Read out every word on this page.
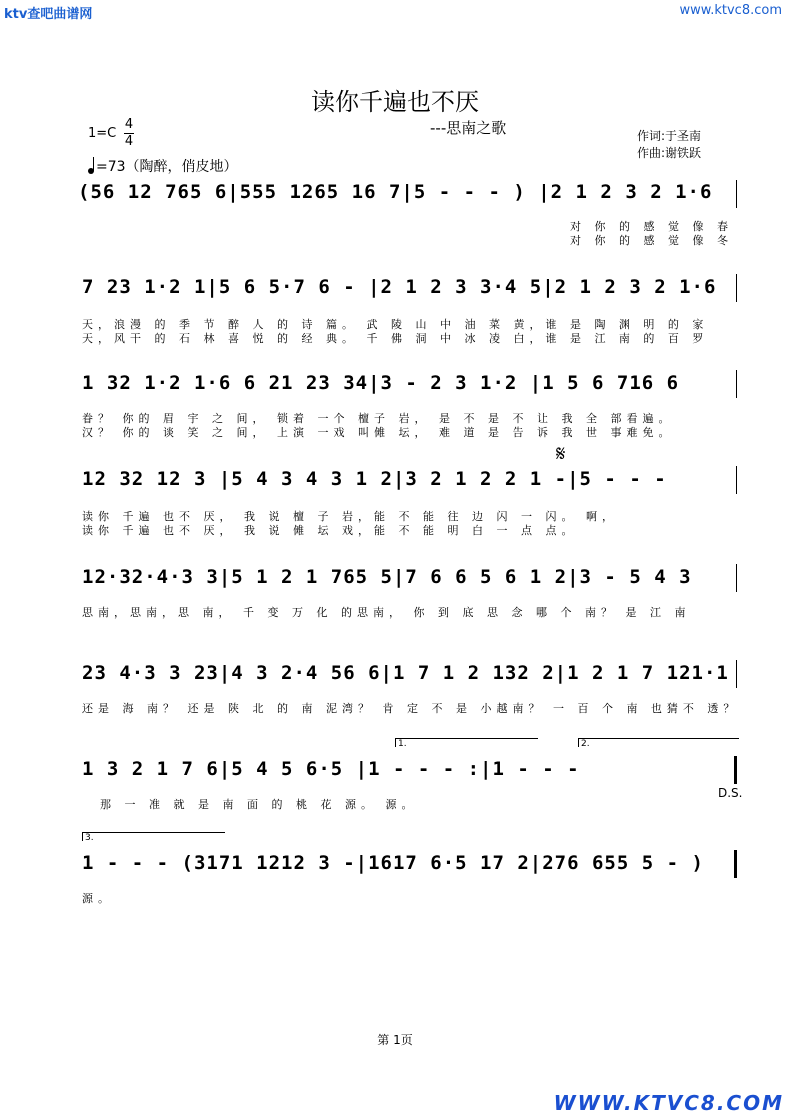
ktv查吧曲谱网	www.ktvc8.com
读你千遍也不厌
---思南之歌	作词:于圣南
作曲:谢铁跃
1=C
4
4
=73（陶醉，俏皮地）
(56 12 765 6|555 1265 16 7|5 - - - ) |2 1 2 3 2 1·6
对 你 的 感 觉 像 春
对 你 的 感 觉 像 冬
7 23 1·2 1|5 6 5·7 6 - |2 1 2 3 3·4 5|2 1 2 3 2 1·6
天，浪漫 的 季 节 醉 人 的 诗 篇。 武 陵 山 中 油 菜 黄，谁 是 陶 渊 明 的 家
天，风干 的 石 林 喜 悦 的 经 典。 千 佛 洞 中 冰 凌 白，谁 是 江 南 的 百 罗
1 32 1·2 1·6 6 21 23 34|3 - 2 3 1·2 |1 5 6 716 6
眷？ 你的 眉 宇 之 间， 锁着 一个 檀子 岩， 是 不 是 不 让 我 全 部看遍。
汉？ 你的 谈 笑 之 间， 上演 一戏 叫傩 坛， 难 道 是 告 诉 我 世 事难免。
𝄋
12 32 12 3 |5 4 3 4 3 1 2|3 2 1 2 2 1 -|5 - - -
读你 千遍 也不 厌， 我 说 檀 子 岩，能 不 能 往 边 闪 一 闪。 啊，
读你 千遍 也不 厌， 我 说 傩 坛 戏，能 不 能 明 白 一 点 点。
12·32·4·3 3|5 1 2 1 765 5|7 6 6 5 6 1 2|3 - 5 4 3
思南，思南，思 南， 千 变 万 化 的思南， 你 到 底 思 念 哪 个 南？ 是 江 南
23 4·3 3 23|4 3 2·4 56 6|1 7 1 2 132 2|1 2 1 7 121·1
还是 海 南？ 还是 陕 北 的 南 泥湾？ 肯 定 不 是 小越南？ 一 百 个 南 也猜不 透？
1.	2.
1 3 2 1 7 6|5 4 5 6·5 |1 - - - :|1 - - -
那 一 准 就 是 南 面 的 桃 花 源。 源。
D.S.
3.
1 - - - (3171 1212 3 -|1617 6·5 17 2|276 655 5 - )
源。
第 1页
WWW.KTVC8.COM
